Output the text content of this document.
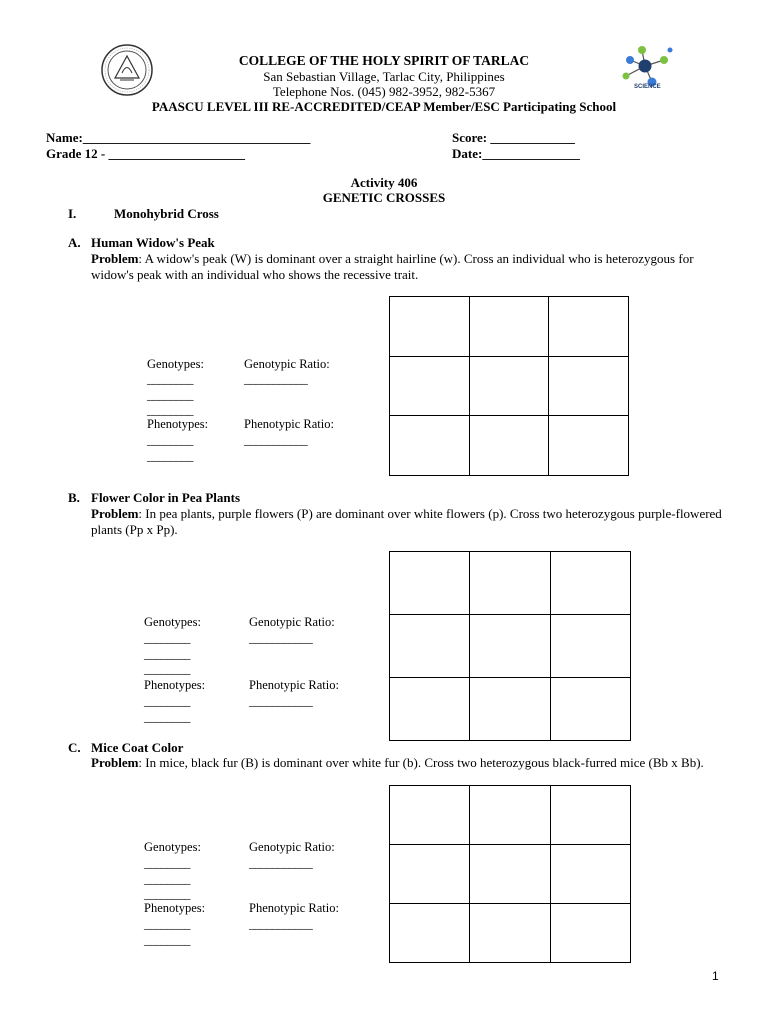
SCIENCE
COLLEGE OF THE HOLY SPIRIT OF TARLAC
San Sebastian Village, Tarlac City, Philippines
Telephone Nos. (045) 982-3952, 982-5367
PAASCU LEVEL III RE-ACCREDITED/CEAP Member/ESC Participating School
Name:___________________________________	Score: _____________
Grade 12 - _____________________	Date:_______________
Activity 406
GENETIC CROSSES
I.	Monohybrid Cross
A. Human Widow's Peak
Problem: A widow's peak (W) is dominant over a straight hairline (w). Cross an individual who is heterozygous for widow's peak with an individual who shows the recessive trait.

Genotypes:	Genotypic Ratio:
________	___________
________
________
Phenotypes:	Phenotypic Ratio:
________	___________
________
B. Flower Color in Pea Plants
Problem: In pea plants, purple flowers (P) are dominant over white flowers (p). Cross two heterozygous purple-flowered plants (Pp x Pp).

Genotypes:	Genotypic Ratio:
________	___________
________
________
Phenotypes:	Phenotypic Ratio:
________	___________
________
C. Mice Coat Color
Problem: In mice, black fur (B) is dominant over white fur (b). Cross two heterozygous black-furred mice (Bb x Bb).

Genotypes:	Genotypic Ratio:
________	___________
________
________
Phenotypes:	Phenotypic Ratio:
________	___________
________
1
